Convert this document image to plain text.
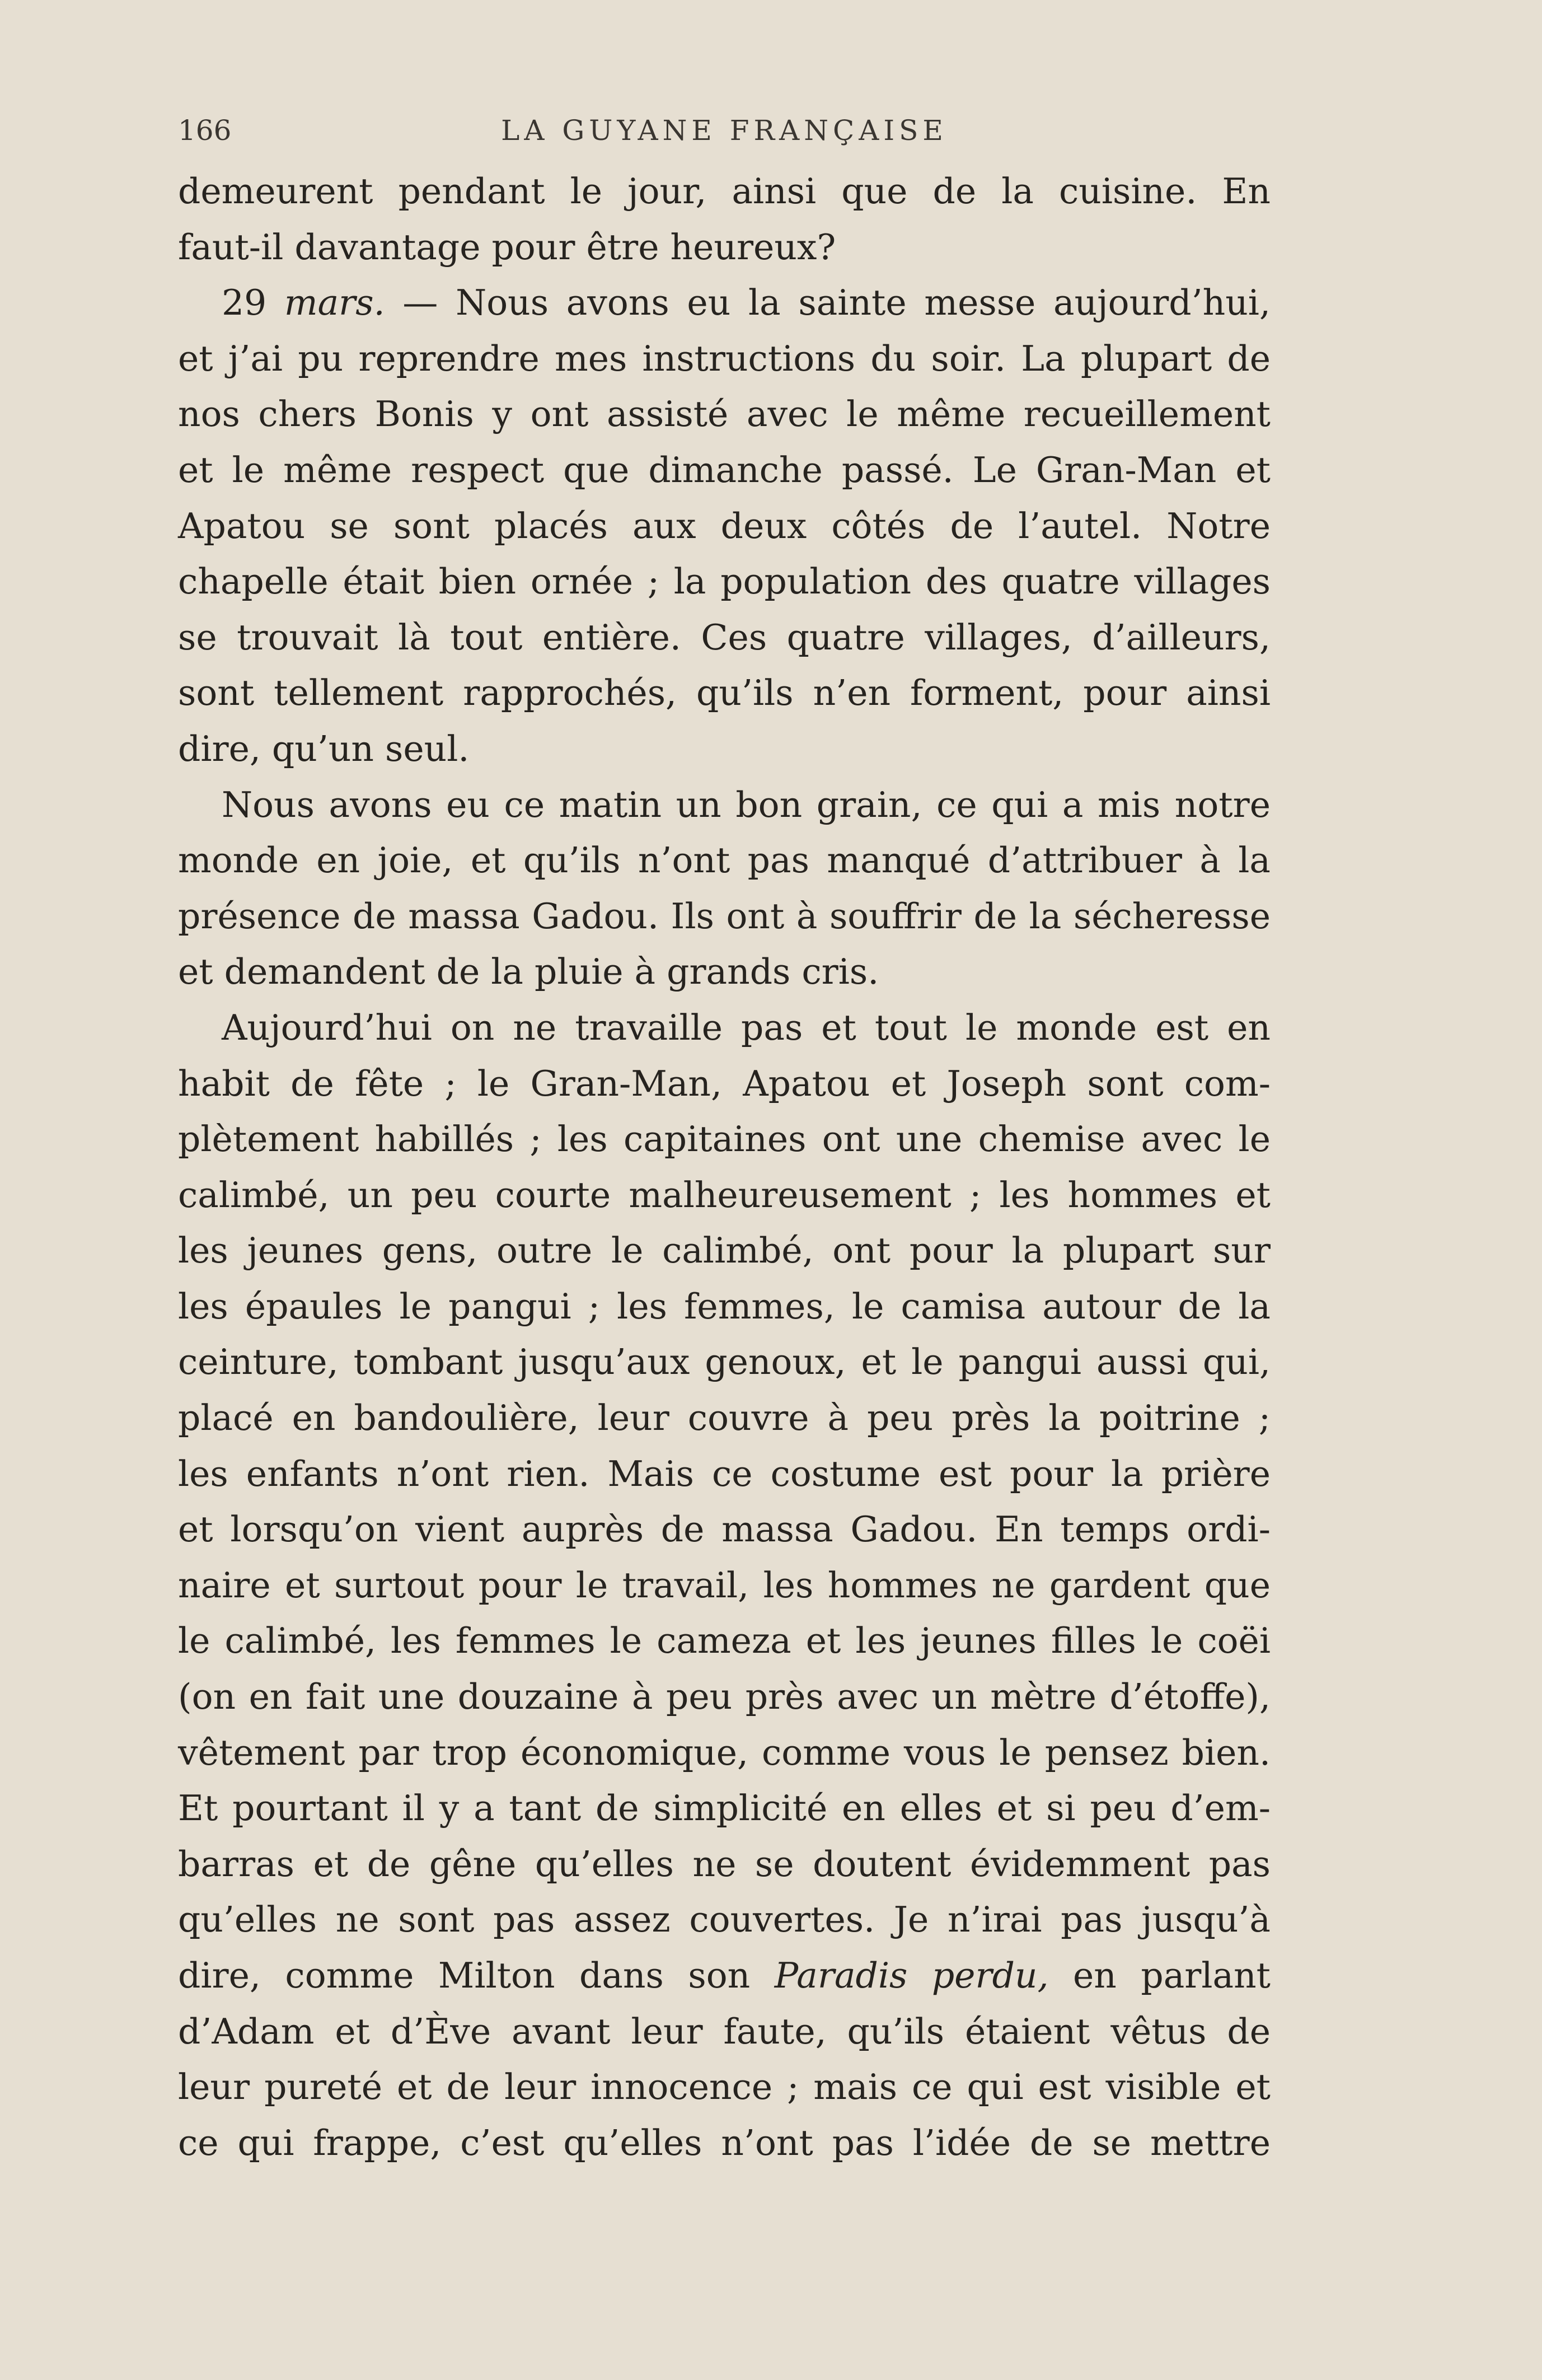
166	LA GUYANE FRANÇAISE
demeurent pendant le jour, ainsi que de la cuisine. En
faut-il davantage pour être heureux?
29 mars. — Nous avons eu la sainte messe aujourd’hui,
et j’ai pu reprendre mes instructions du soir. La plupart de
nos chers Bonis y ont assisté avec le même recueillement
et le même respect que dimanche passé. Le Gran-Man et
Apatou se sont placés aux deux côtés de l’autel. Notre
chapelle était bien ornée ; la population des quatre villages
se trouvait là tout entière. Ces quatre villages, d’ailleurs,
sont tellement rapprochés, qu’ils n’en forment, pour ainsi
dire, qu’un seul.
Nous avons eu ce matin un bon grain, ce qui a mis notre
monde en joie, et qu’ils n’ont pas manqué d’attribuer à la
présence de massa Gadou. Ils ont à souffrir de la sécheresse
et demandent de la pluie à grands cris.
Aujourd’hui on ne travaille pas et tout le monde est en
habit de fête ; le Gran-Man, Apatou et Joseph sont com-
plètement habillés ; les capitaines ont une chemise avec le
calimbé, un peu courte malheureusement ; les hommes et
les jeunes gens, outre le calimbé, ont pour la plupart sur
les épaules le pangui ; les femmes, le camisa autour de la
ceinture, tombant jusqu’aux genoux, et le pangui aussi qui,
placé en bandoulière, leur couvre à peu près la poitrine ;
les enfants n’ont rien. Mais ce costume est pour la prière
et lorsqu’on vient auprès de massa Gadou. En temps ordi-
naire et surtout pour le travail, les hommes ne gardent que
le calimbé, les femmes le cameza et les jeunes filles le coëi
(on en fait une douzaine à peu près avec un mètre d’étoffe),
vêtement par trop économique, comme vous le pensez bien.
Et pourtant il y a tant de simplicité en elles et si peu d’em-
barras et de gêne qu’elles ne se doutent évidemment pas
qu’elles ne sont pas assez couvertes. Je n’irai pas jusqu’à
dire, comme Milton dans son Paradis perdu, en parlant
d’Adam et d’Ève avant leur faute, qu’ils étaient vêtus de
leur pureté et de leur innocence ; mais ce qui est visible et
ce qui frappe, c’est qu’elles n’ont pas l’idée de se mettre
